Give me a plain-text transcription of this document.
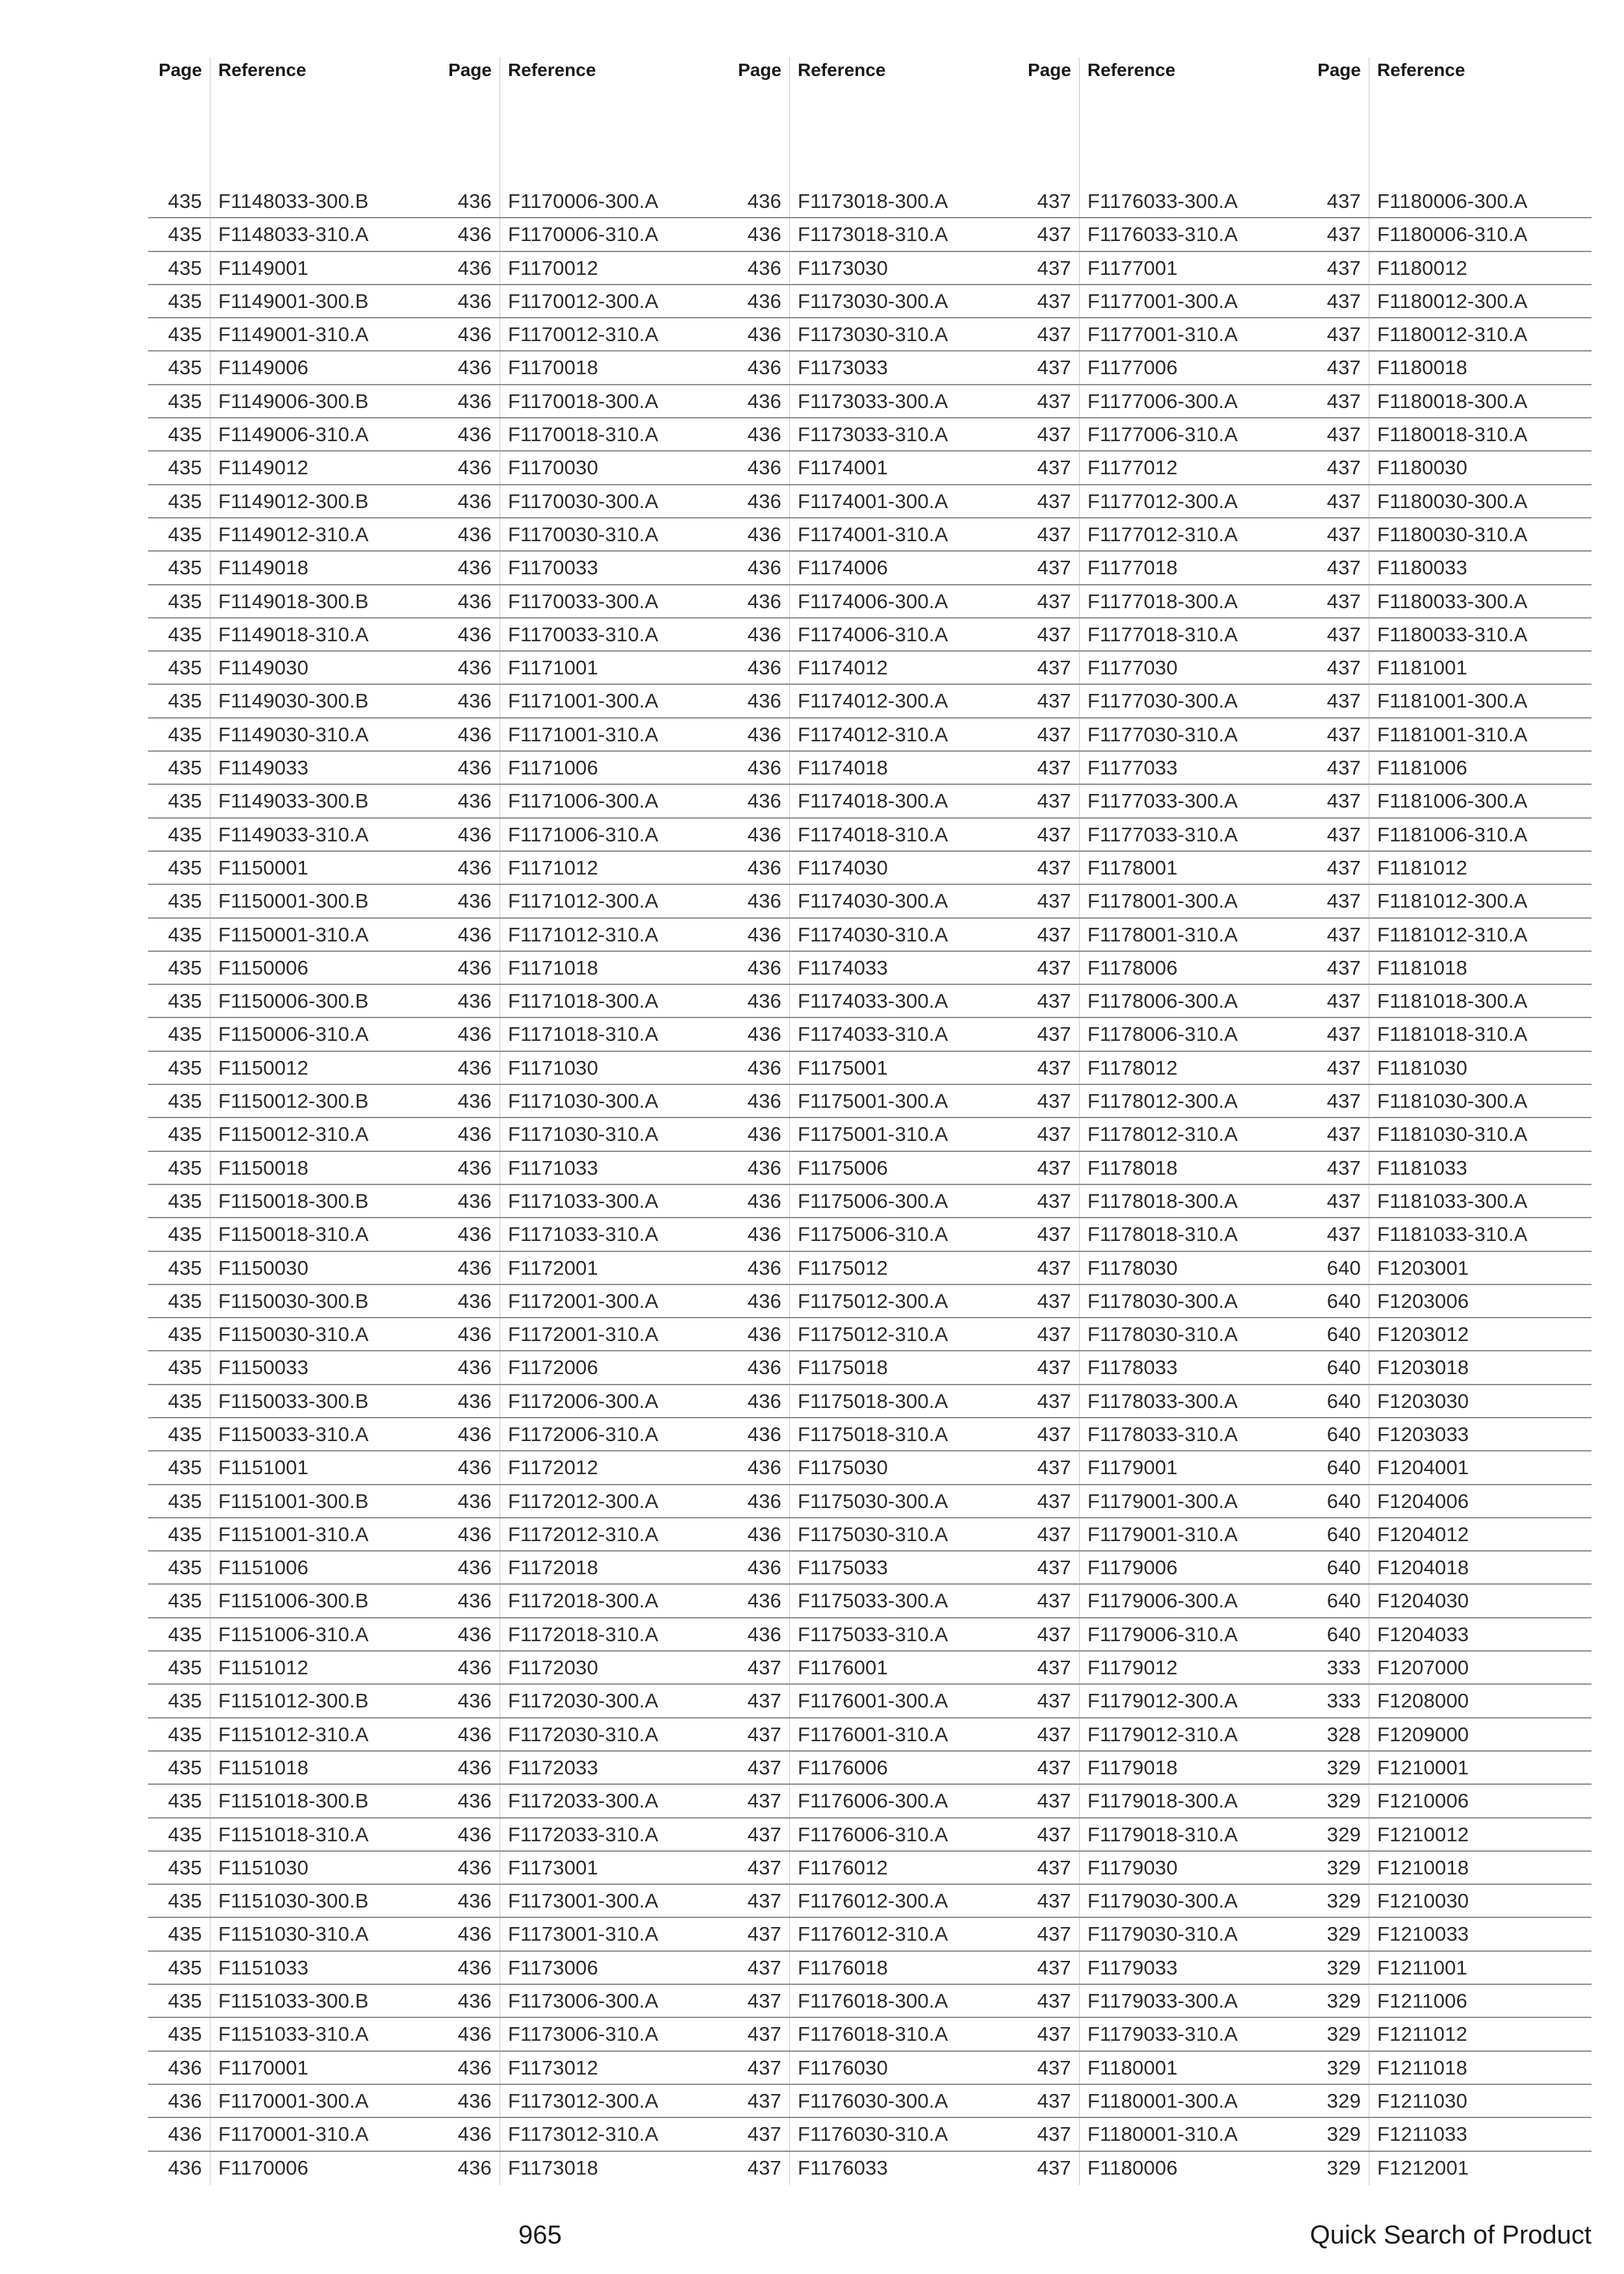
Page Reference
435 F1148033-300.B
435 F1148033-310.A
435 F1149001
435 F1149001-300.B
435 F1149001-310.A
435 F1149006
435 F1149006-300.B
435 F1149006-310.A
435 F1149012
435 F1149012-300.B
435 F1149012-310.A
435 F1149018
435 F1149018-300.B
435 F1149018-310.A
435 F1149030
435 F1149030-300.B
435 F1149030-310.A
435 F1149033
435 F1149033-300.B
435 F1149033-310.A
435 F1150001
435 F1150001-300.B
435 F1150001-310.A
435 F1150006
435 F1150006-300.B
435 F1150006-310.A
435 F1150012
435 F1150012-300.B
435 F1150012-310.A
435 F1150018
435 F1150018-300.B
435 F1150018-310.A
435 F1150030
435 F1150030-300.B
435 F1150030-310.A
435 F1150033
435 F1150033-300.B
435 F1150033-310.A
435 F1151001
435 F1151001-300.B
435 F1151001-310.A
435 F1151006
435 F1151006-300.B
435 F1151006-310.A
435 F1151012
435 F1151012-300.B
435 F1151012-310.A
435 F1151018
435 F1151018-300.B
435 F1151018-310.A
435 F1151030
435 F1151030-300.B
435 F1151030-310.A
435 F1151033
435 F1151033-300.B
435 F1151033-310.A
436 F1170001
436 F1170001-300.A
436 F1170001-310.A
436 F1170006
Page Reference
436 F1170006-300.A
436 F1170006-310.A
436 F1170012
436 F1170012-300.A
436 F1170012-310.A
436 F1170018
436 F1170018-300.A
436 F1170018-310.A
436 F1170030
436 F1170030-300.A
436 F1170030-310.A
436 F1170033
436 F1170033-300.A
436 F1170033-310.A
436 F1171001
436 F1171001-300.A
436 F1171001-310.A
436 F1171006
436 F1171006-300.A
436 F1171006-310.A
436 F1171012
436 F1171012-300.A
436 F1171012-310.A
436 F1171018
436 F1171018-300.A
436 F1171018-310.A
436 F1171030
436 F1171030-300.A
436 F1171030-310.A
436 F1171033
436 F1171033-300.A
436 F1171033-310.A
436 F1172001
436 F1172001-300.A
436 F1172001-310.A
436 F1172006
436 F1172006-300.A
436 F1172006-310.A
436 F1172012
436 F1172012-300.A
436 F1172012-310.A
436 F1172018
436 F1172018-300.A
436 F1172018-310.A
436 F1172030
436 F1172030-300.A
436 F1172030-310.A
436 F1172033
436 F1172033-300.A
436 F1172033-310.A
436 F1173001
436 F1173001-300.A
436 F1173001-310.A
436 F1173006
436 F1173006-300.A
436 F1173006-310.A
436 F1173012
436 F1173012-300.A
436 F1173012-310.A
436 F1173018
Page Reference
436 F1173018-300.A
436 F1173018-310.A
436 F1173030
436 F1173030-300.A
436 F1173030-310.A
436 F1173033
436 F1173033-300.A
436 F1173033-310.A
436 F1174001
436 F1174001-300.A
436 F1174001-310.A
436 F1174006
436 F1174006-300.A
436 F1174006-310.A
436 F1174012
436 F1174012-300.A
436 F1174012-310.A
436 F1174018
436 F1174018-300.A
436 F1174018-310.A
436 F1174030
436 F1174030-300.A
436 F1174030-310.A
436 F1174033
436 F1174033-300.A
436 F1174033-310.A
436 F1175001
436 F1175001-300.A
436 F1175001-310.A
436 F1175006
436 F1175006-300.A
436 F1175006-310.A
436 F1175012
436 F1175012-300.A
436 F1175012-310.A
436 F1175018
436 F1175018-300.A
436 F1175018-310.A
436 F1175030
436 F1175030-300.A
436 F1175030-310.A
436 F1175033
436 F1175033-300.A
436 F1175033-310.A
437 F1176001
437 F1176001-300.A
437 F1176001-310.A
437 F1176006
437 F1176006-300.A
437 F1176006-310.A
437 F1176012
437 F1176012-300.A
437 F1176012-310.A
437 F1176018
437 F1176018-300.A
437 F1176018-310.A
437 F1176030
437 F1176030-300.A
437 F1176030-310.A
437 F1176033
Page Reference
437 F1176033-300.A
437 F1176033-310.A
437 F1177001
437 F1177001-300.A
437 F1177001-310.A
437 F1177006
437 F1177006-300.A
437 F1177006-310.A
437 F1177012
437 F1177012-300.A
437 F1177012-310.A
437 F1177018
437 F1177018-300.A
437 F1177018-310.A
437 F1177030
437 F1177030-300.A
437 F1177030-310.A
437 F1177033
437 F1177033-300.A
437 F1177033-310.A
437 F1178001
437 F1178001-300.A
437 F1178001-310.A
437 F1178006
437 F1178006-300.A
437 F1178006-310.A
437 F1178012
437 F1178012-300.A
437 F1178012-310.A
437 F1178018
437 F1178018-300.A
437 F1178018-310.A
437 F1178030
437 F1178030-300.A
437 F1178030-310.A
437 F1178033
437 F1178033-300.A
437 F1178033-310.A
437 F1179001
437 F1179001-300.A
437 F1179001-310.A
437 F1179006
437 F1179006-300.A
437 F1179006-310.A
437 F1179012
437 F1179012-300.A
437 F1179012-310.A
437 F1179018
437 F1179018-300.A
437 F1179018-310.A
437 F1179030
437 F1179030-300.A
437 F1179030-310.A
437 F1179033
437 F1179033-300.A
437 F1179033-310.A
437 F1180001
437 F1180001-300.A
437 F1180001-310.A
437 F1180006
Page Reference
437 F1180006-300.A
437 F1180006-310.A
437 F1180012
437 F1180012-300.A
437 F1180012-310.A
437 F1180018
437 F1180018-300.A
437 F1180018-310.A
437 F1180030
437 F1180030-300.A
437 F1180030-310.A
437 F1180033
437 F1180033-300.A
437 F1180033-310.A
437 F1181001
437 F1181001-300.A
437 F1181001-310.A
437 F1181006
437 F1181006-300.A
437 F1181006-310.A
437 F1181012
437 F1181012-300.A
437 F1181012-310.A
437 F1181018
437 F1181018-300.A
437 F1181018-310.A
437 F1181030
437 F1181030-300.A
437 F1181030-310.A
437 F1181033
437 F1181033-300.A
437 F1181033-310.A
640 F1203001
640 F1203006
640 F1203012
640 F1203018
640 F1203030
640 F1203033
640 F1204001
640 F1204006
640 F1204012
640 F1204018
640 F1204030
640 F1204033
333 F1207000
333 F1208000
328 F1209000
329 F1210001
329 F1210006
329 F1210012
329 F1210018
329 F1210030
329 F1210033
329 F1211001
329 F1211006
329 F1211012
329 F1211018
329 F1211030
329 F1211033
329 F1212001
965	Quick Search of Product
